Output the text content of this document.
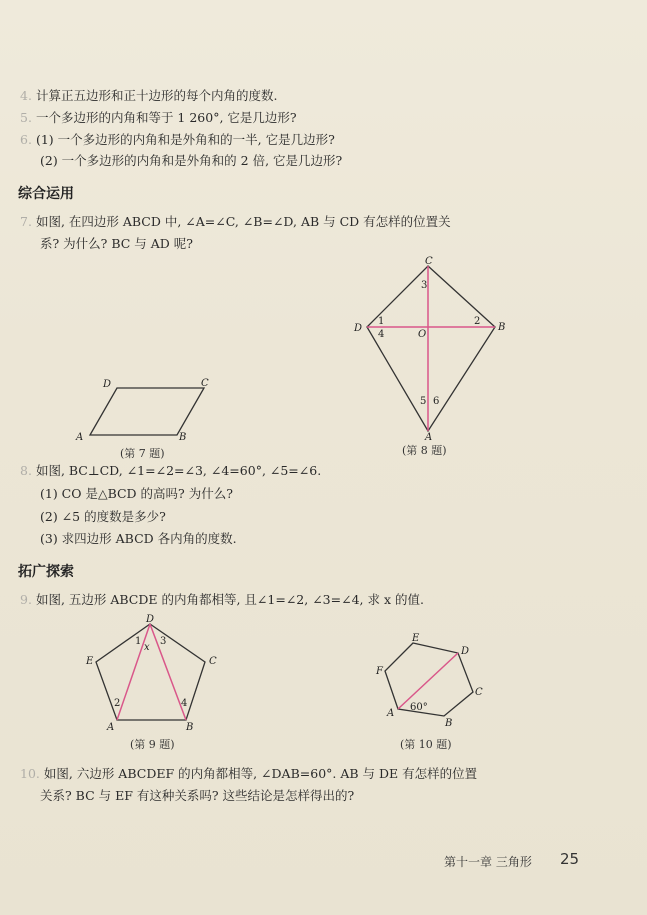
4. 计算正五边形和正十边形的每个内角的度数.
5. 一个多边形的内角和等于 1 260°, 它是几边形?
6. (1) 一个多边形的内角和是外角和的一半, 它是几边形?
(2) 一个多边形的内角和是外角和的 2 倍, 它是几边形?
综合运用
7. 如图, 在四边形 ABCD 中, ∠A=∠C, ∠B=∠D, AB 与 CD 有怎样的位置关
系? 为什么? BC 与 AD 呢?
A	B
C
D
(第 7 题)
C
B
D
A
O
1	2
3
4
5 6
(第 8 题)
8. 如图, BC⊥CD, ∠1=∠2=∠3, ∠4=60°, ∠5=∠6.
(1) CO 是△BCD 的高吗? 为什么?
(2) ∠5 的度数是多少?
(3) 求四边形 ABCD 各内角的度数.
拓广探索
9. 如图, 五边形 ABCDE 的内角都相等, 且∠1=∠2, ∠3=∠4, 求 x 的值.
D
C
E
A	B
x
1 3
2	4
(第 9 题)
E
D
C
B
A
F
60°
(第 10 题)
10. 如图, 六边形 ABCDEF 的内角都相等, ∠DAB=60°. AB 与 DE 有怎样的位置
关系? BC 与 EF 有这种关系吗? 这些结论是怎样得出的?
第十一章 三角形 25
